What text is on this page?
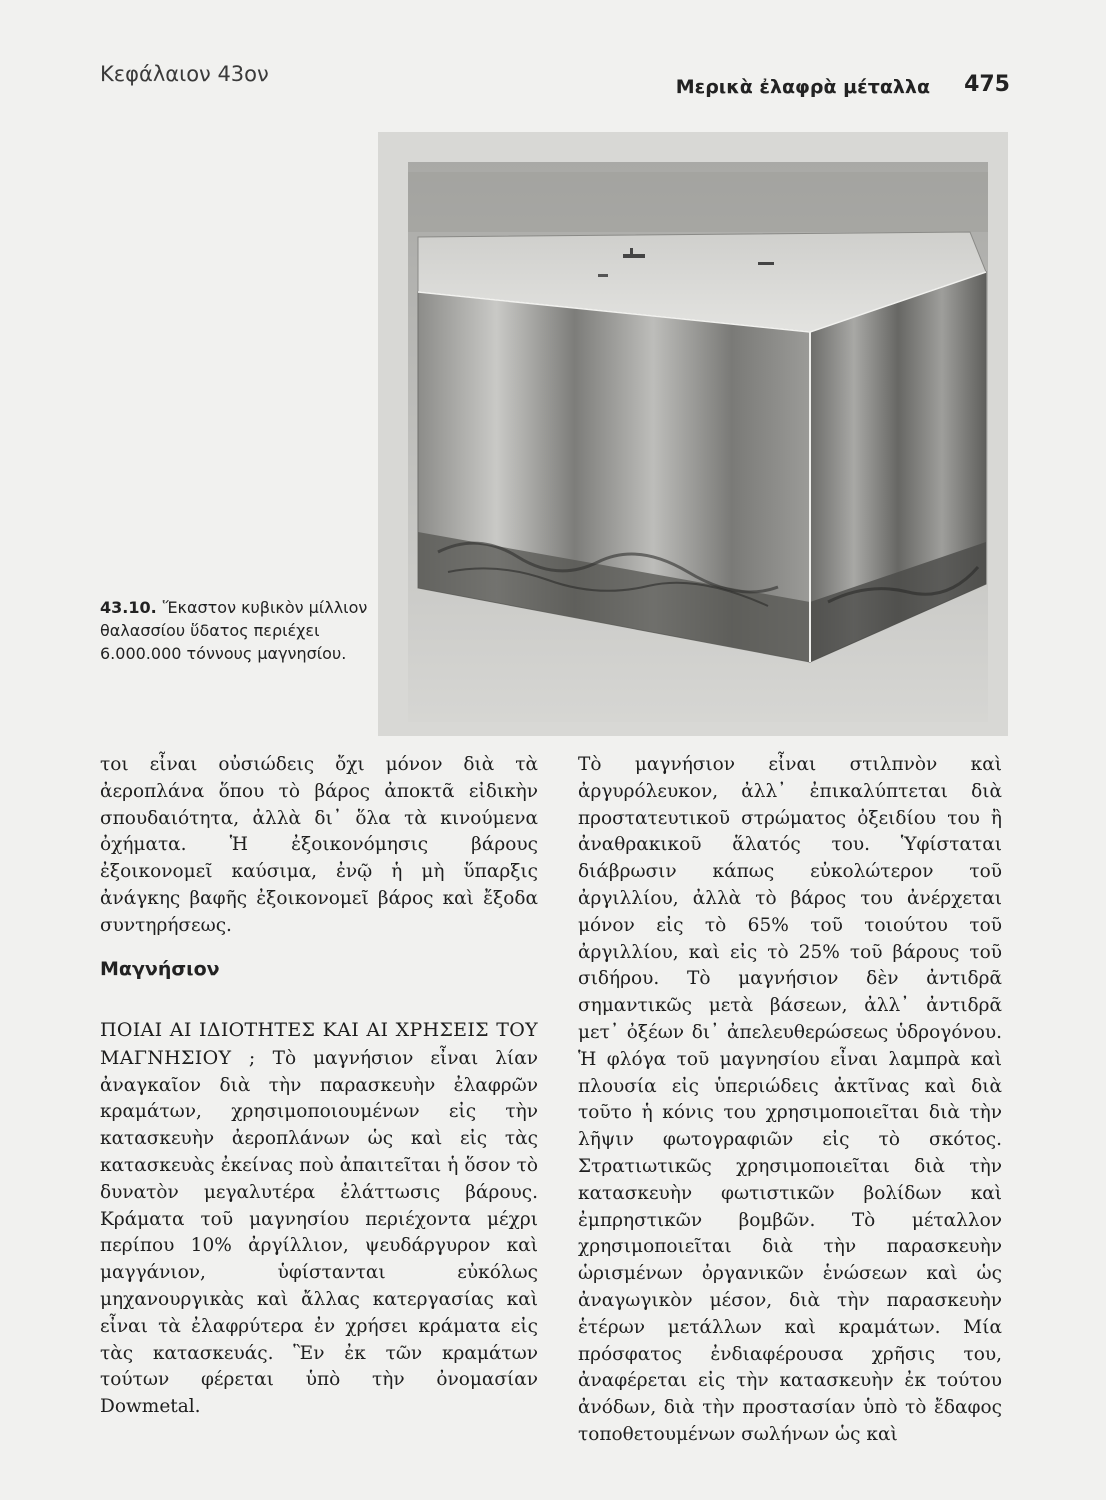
Κεφάλαιον 43ον
Μερικὰ ἐλαφρὰ μέταλλα 475
43.10. Ἕκαστον κυβικὸν μίλλιον θαλασσίου ὕδατος περιέχει 6.000.000 τόννους μαγνησίου.

τοι εἶναι οὐσιώδεις ὄχι μόνον διὰ τὰ ἀεροπλάνα ὅπου τὸ βάρος ἀποκτᾶ εἰδικὴν σπουδαιότητα, ἀλλὰ δι᾽ ὅλα τὰ κινούμενα ὀχήματα. Ἡ ἐξοικονόμησις βάρους ἐξοικονομεῖ καύσιμα, ἐνῷ ἡ μὴ ὕπαρξις ἀνάγκης βαφῆς ἐξοικονομεῖ βάρος καὶ ἔξοδα συντηρήσεως.

Μαγνήσιον

ΠΟΙΑΙ ΑΙ ΙΔΙΟΤΗΤΕΣ ΚΑΙ ΑΙ ΧΡΗΣΕΙΣ ΤΟΥ ΜΑΓΝΗΣΙΟΥ ; Τὸ μαγνήσιον εἶναι λίαν ἀναγκαῖον διὰ τὴν παρασκευὴν ἐλαφρῶν κραμάτων, χρησιμοποιουμένων εἰς τὴν κατασκευὴν ἀεροπλάνων ὡς καὶ εἰς τὰς κατασκευὰς ἐκείνας ποὺ ἀπαιτεῖται ἡ ὅσον τὸ δυνατὸν μεγαλυτέρα ἐλάττωσις βάρους. Κράματα τοῦ μαγνησίου περιέχοντα μέχρι περίπου 10% ἀργίλλιον, ψευδάργυρον καὶ μαγγάνιον, ὑφίστανται εὐκόλως μηχανουργικὰς καὶ ἄλλας κατεργασίας καὶ εἶναι τὰ ἐλαφρύτερα ἐν χρήσει κράματα εἰς τὰς κατασκευάς. Ἓν ἐκ τῶν κραμάτων τούτων φέρεται ὑπὸ τὴν ὀνομασίαν Dowmetal.

Τὸ μαγνήσιον εἶναι στιλπνὸν καὶ ἀργυρόλευκον, ἀλλ᾽ ἐπικαλύπτεται διὰ προστατευτικοῦ στρώματος ὀξειδίου του ἢ ἀναθρακικοῦ ἅλατός του. Ὑφίσταται διάβρωσιν κάπως εὐκολώτερον τοῦ ἀργιλλίου, ἀλλὰ τὸ βάρος του ἀνέρχεται μόνον εἰς τὸ 65% τοῦ τοιούτου τοῦ ἀργιλλίου, καὶ εἰς τὸ 25% τοῦ βάρους τοῦ σιδήρου. Τὸ μαγνήσιον δὲν ἀντιδρᾶ σημαντικῶς μετὰ βάσεων, ἀλλ᾽ ἀντιδρᾶ μετ᾽ ὀξέων δι᾽ ἀπελευθερώσεως ὑδρογόνου. Ἡ φλόγα τοῦ μαγνησίου εἶναι λαμπρὰ καὶ πλουσία εἰς ὑπεριώδεις ἀκτῖνας καὶ διὰ τοῦτο ἡ κόνις του χρησιμοποιεῖται διὰ τὴν λῆψιν φωτογραφιῶν εἰς τὸ σκότος. Στρατιωτικῶς χρησιμοποιεῖται διὰ τὴν κατασκευὴν φωτιστικῶν βολίδων καὶ ἐμπρηστικῶν βομβῶν. Τὸ μέταλλον χρησιμοποιεῖται διὰ τὴν παρασκευὴν ὡρισμένων ὀργανικῶν ἑνώσεων καὶ ὡς ἀναγωγικὸν μέσον, διὰ τὴν παρασκευὴν ἑτέρων μετάλλων καὶ κραμάτων. Μία πρόσφατος ἐνδιαφέρουσα χρῆσις του, ἀναφέρεται εἰς τὴν κατασκευὴν ἐκ τούτου ἀνόδων, διὰ τὴν προστασίαν ὑπὸ τὸ ἔδαφος τοποθετουμένων σωλήνων ὡς καὶ
